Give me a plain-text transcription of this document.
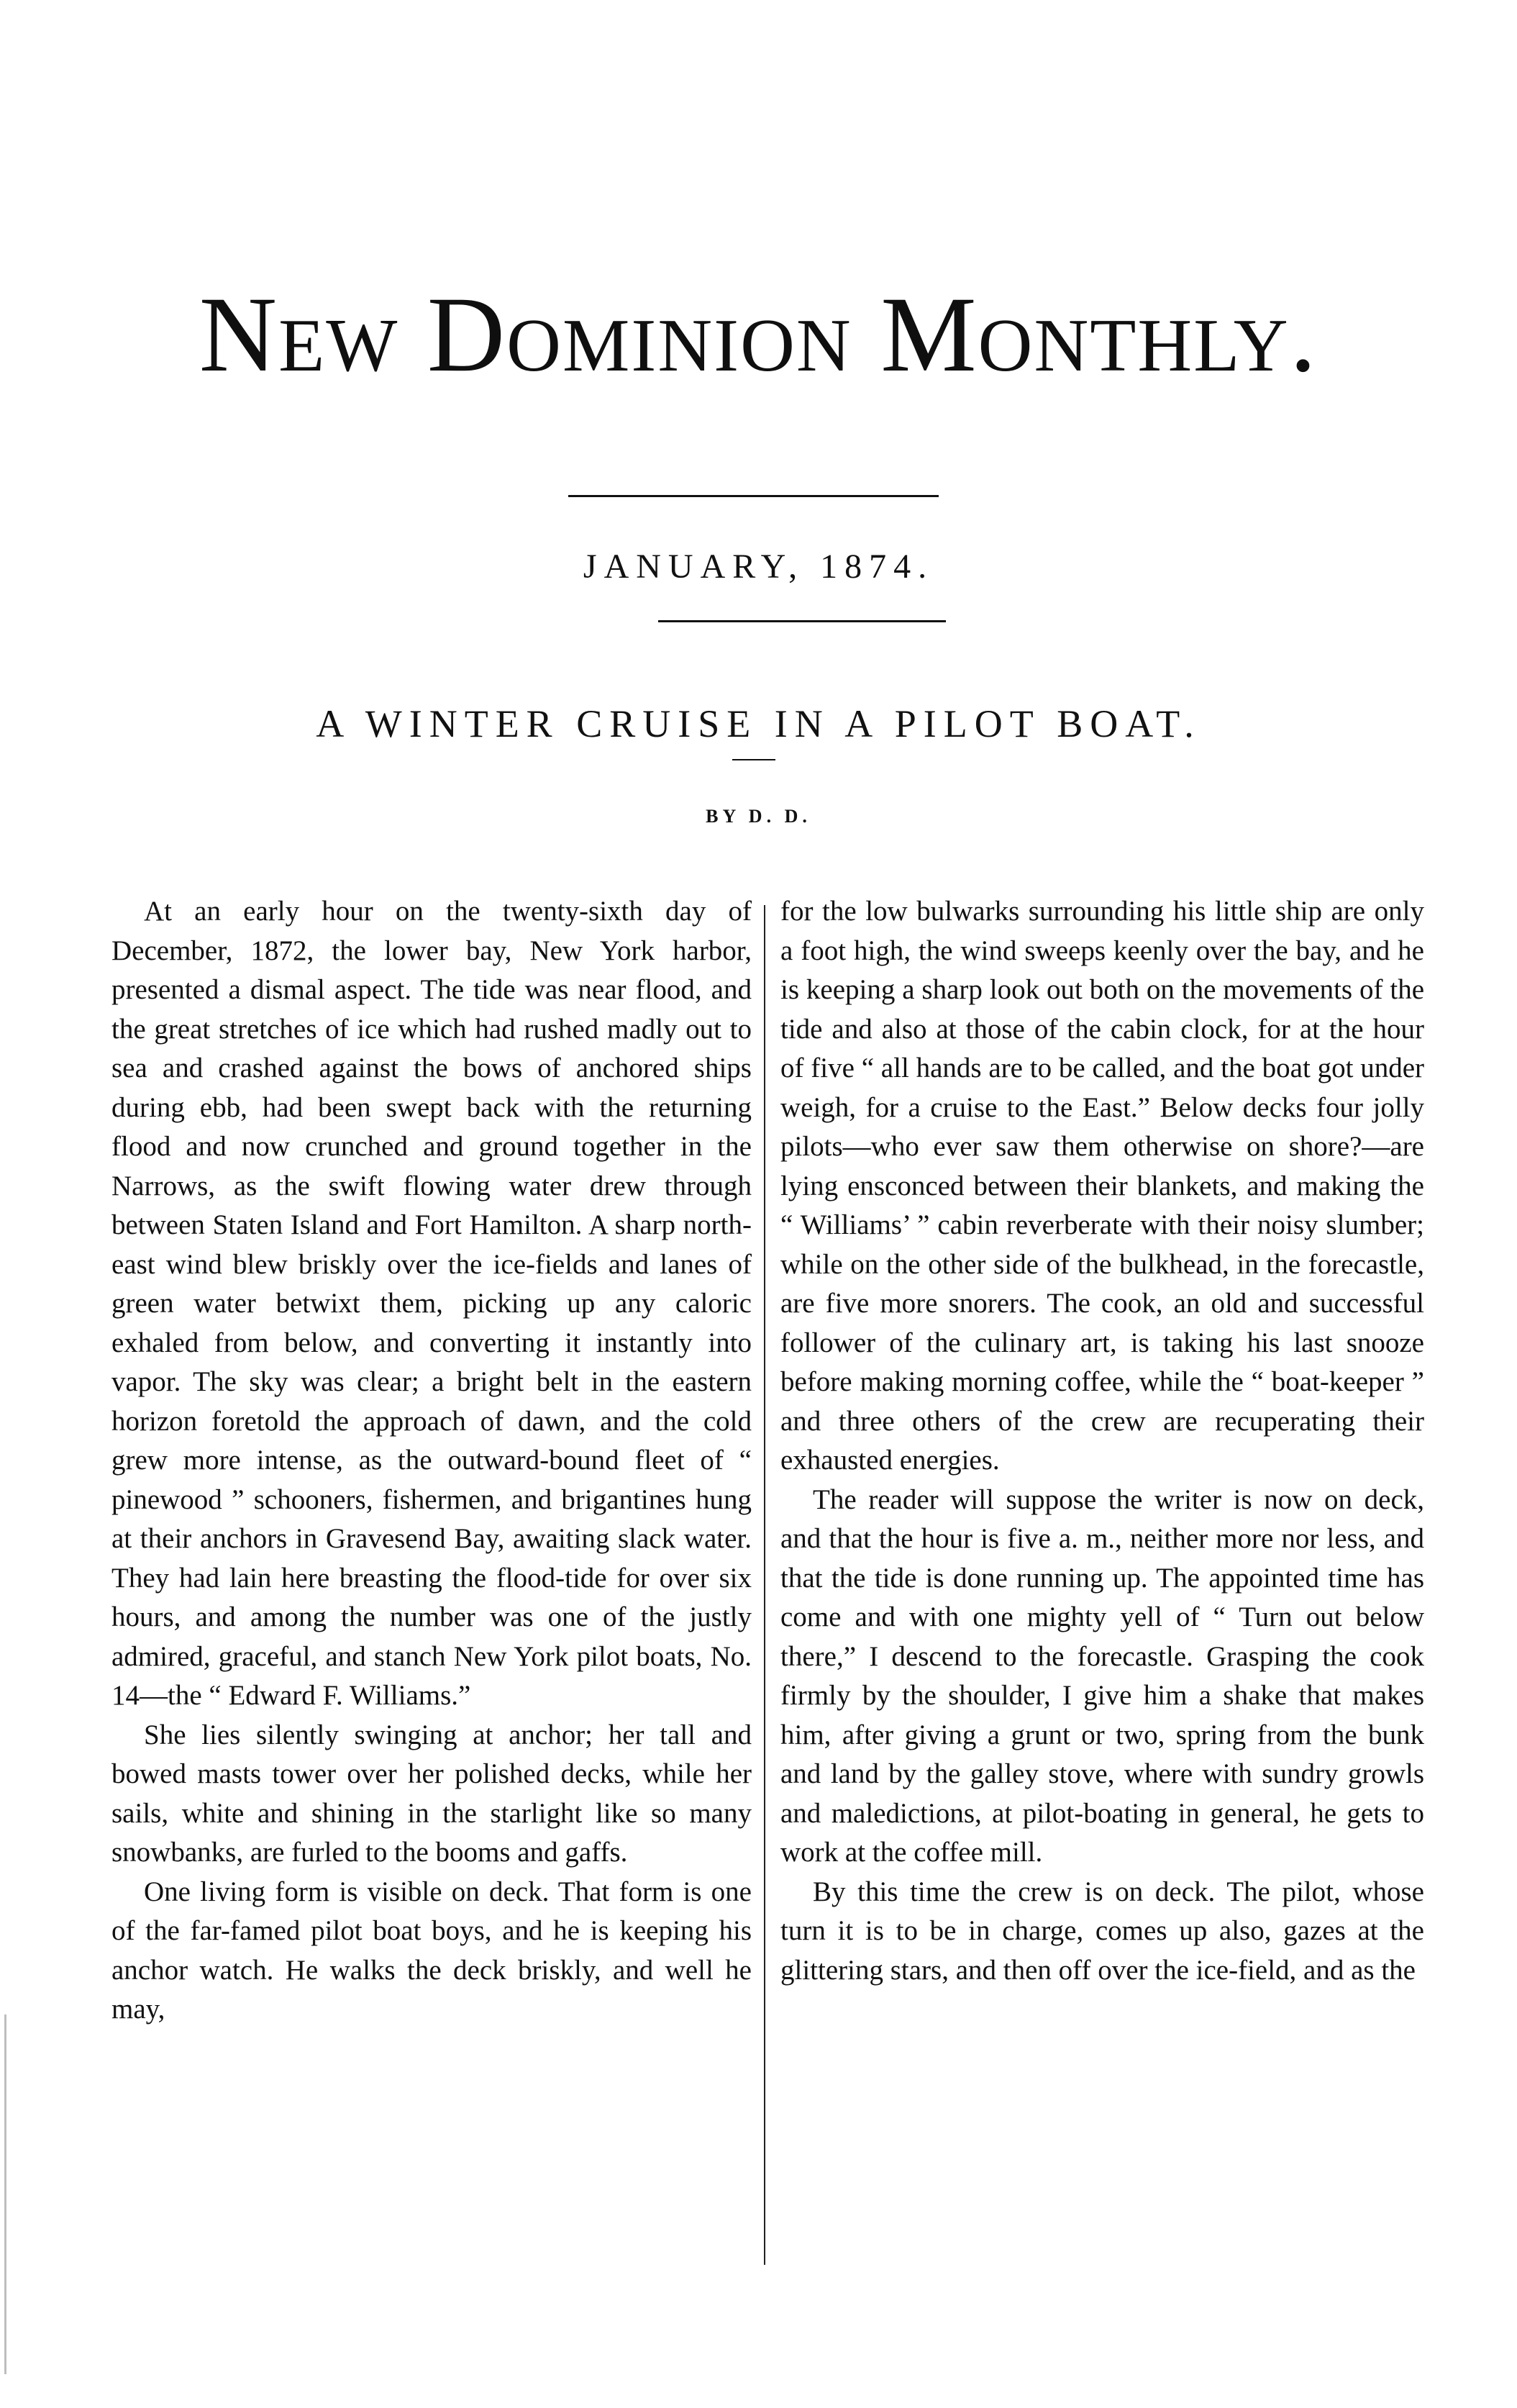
New Dominion Monthly.
JANUARY, 1874.
A WINTER CRUISE IN A PILOT BOAT.
BY D. D.

At an early hour on the twenty-sixth day of December, 1872, the lower bay, New York harbor, presented a dismal aspect. The tide was near flood, and the great stretches of ice which had rushed madly out to sea and crashed against the bows of anchored ships during ebb, had been swept back with the returning flood and now crunched and ground together in the Narrows, as the swift flowing water drew through between Staten Island and Fort Hamilton. A sharp north-east wind blew briskly over the ice-fields and lanes of green water betwixt them, picking up any caloric exhaled from below, and converting it instantly into vapor. The sky was clear; a bright belt in the eastern horizon foretold the approach of dawn, and the cold grew more intense, as the outward-bound fleet of “ pinewood ” schooners, fishermen, and brigantines hung at their anchors in Gravesend Bay, awaiting slack water. They had lain here breasting the flood-tide for over six hours, and among the number was one of the justly admired, graceful, and stanch New York pilot boats, No. 14—the “ Edward F. Williams.”

She lies silently swinging at anchor; her tall and bowed masts tower over her polished decks, while her sails, white and shining in the starlight like so many snowbanks, are furled to the booms and gaffs.

One living form is visible on deck. That form is one of the far-famed pilot boat boys, and he is keeping his anchor watch. He walks the deck briskly, and well he may,

for the low bulwarks surrounding his little ship are only a foot high, the wind sweeps keenly over the bay, and he is keeping a sharp look out both on the movements of the tide and also at those of the cabin clock, for at the hour of five “ all hands are to be called, and the boat got under weigh, for a cruise to the East.” Below decks four jolly pilots—who ever saw them otherwise on shore?—are lying ensconced between their blankets, and making the “ Williams’ ” cabin reverberate with their noisy slumber; while on the other side of the bulkhead, in the forecastle, are five more snorers. The cook, an old and successful follower of the culinary art, is taking his last snooze before making morning coffee, while the “ boat-keeper ” and three others of the crew are recuperating their exhausted energies.

The reader will suppose the writer is now on deck, and that the hour is five a. m., neither more nor less, and that the tide is done running up. The appointed time has come and with one mighty yell of “ Turn out below there,” I descend to the forecastle. Grasping the cook firmly by the shoulder, I give him a shake that makes him, after giving a grunt or two, spring from the bunk and land by the galley stove, where with sundry growls and maledictions, at pilot-boating in general, he gets to work at the coffee mill.

By this time the crew is on deck. The pilot, whose turn it is to be in charge, comes up also, gazes at the glittering stars, and then off over the ice-field, and as the
